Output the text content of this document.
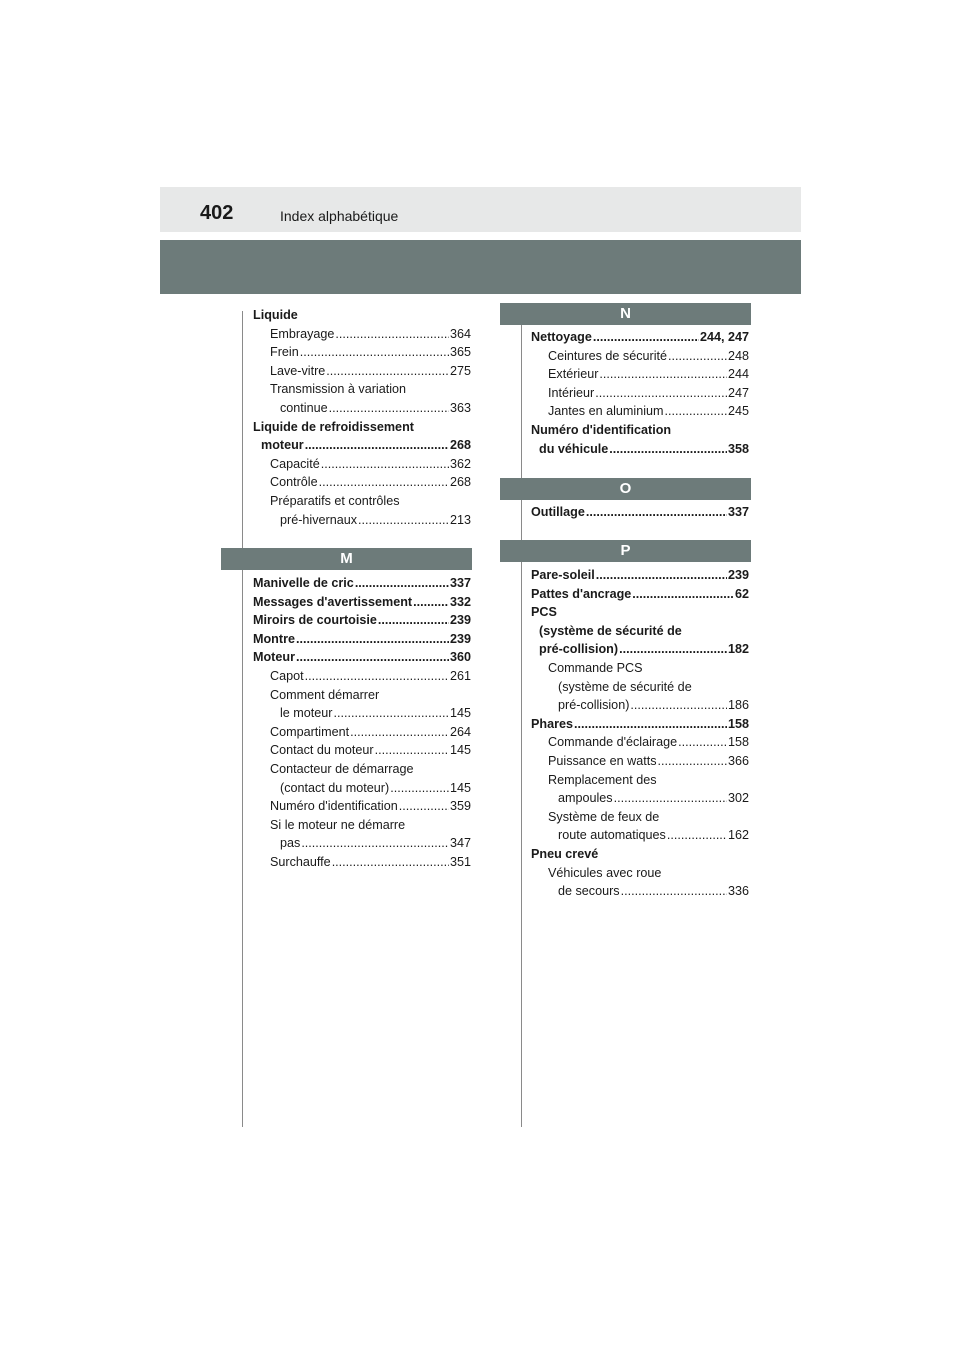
402	Index alphabétique
Liquide
Embrayage .....	364
Frein .....	365
Lave-vitre .....	275
Transmission à variation
continue .....	363
Liquide de refroidissement
moteur .....	268
Capacité .....	362
Contrôle .....	268
Préparatifs et contrôles
pré-hivernaux .....	213
M
Manivelle de cric .....	337
Messages d'avertissement .....	332
Miroirs de courtoisie .....	239
Montre .....	239
Moteur .....	360
Capot .....	261
Comment démarrer
le moteur .....	145
Compartiment .....	264
Contact du moteur .....	145
Contacteur de démarrage
(contact du moteur) .....	145
Numéro d'identification .....	359
Si le moteur ne démarre
pas .....	347
Surchauffe .....	351
N
Nettoyage .....	244, 247
Ceintures de sécurité .....	248
Extérieur .....	244
Intérieur .....	247
Jantes en aluminium .....	245
Numéro d'identification
du véhicule .....	358
O
Outillage .....	337
P
Pare-soleil .....	239
Pattes d'ancrage .....	62
PCS
(système de sécurité de
pré-collision) .....	182
Commande PCS
(système de sécurité de
pré-collision) .....	186
Phares .....	158
Commande d'éclairage .....	158
Puissance en watts .....	366
Remplacement des
ampoules .....	302
Système de feux de
route automatiques .....	162
Pneu crevé
Véhicules avec roue
de secours .....	336
